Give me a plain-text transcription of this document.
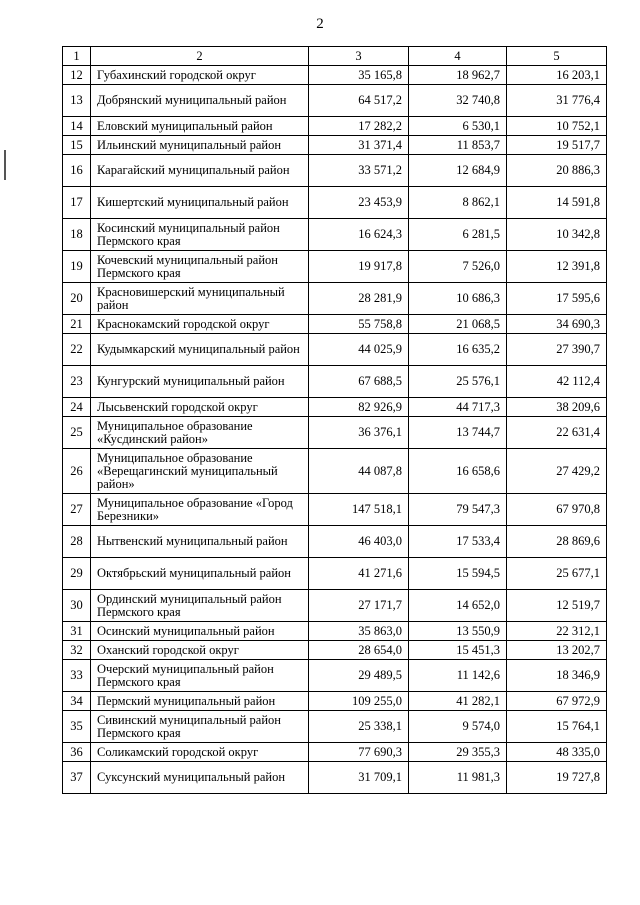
2
1	2	3	4	5
12	Губахинский городской округ	35 165,8	18 962,7	16 203,1
13	Добрянский муниципальный район	64 517,2	32 740,8	31 776,4
14	Еловский муниципальный район	17 282,2	6 530,1	10 752,1
15	Ильинский муниципальный район	31 371,4	11 853,7	19 517,7
16	Карагайский муниципальный район	33 571,2	12 684,9	20 886,3
17	Кишертский муниципальный район	23 453,9	8 862,1	14 591,8
18	Косинский муниципальный район Пермского края	16 624,3	6 281,5	10 342,8
19	Кочевский муниципальный район Пермского края	19 917,8	7 526,0	12 391,8
20	Красновишерский муниципальный район	28 281,9	10 686,3	17 595,6
21	Краснокамский городской округ	55 758,8	21 068,5	34 690,3
22	Кудымкарский муниципальный район	44 025,9	16 635,2	27 390,7
23	Кунгурский муниципальный район	67 688,5	25 576,1	42 112,4
24	Лысьвенский городской округ	82 926,9	44 717,3	38 209,6
25	Муниципальное образование «Кусдинский район»	36 376,1	13 744,7	22 631,4
26	Муниципальное образование «Верещагинский муниципальный район»	44 087,8	16 658,6	27 429,2
27	Муниципальное образование «Город Березники»	147 518,1	79 547,3	67 970,8
28	Нытвенский муниципальный район	46 403,0	17 533,4	28 869,6
29	Октябрьский муниципальный район	41 271,6	15 594,5	25 677,1
30	Ординский муниципальный район Пермского края	27 171,7	14 652,0	12 519,7
31	Осинский муниципальный район	35 863,0	13 550,9	22 312,1
32	Оханский городской округ	28 654,0	15 451,3	13 202,7
33	Очерский муниципальный район Пермского края	29 489,5	11 142,6	18 346,9
34	Пермский муниципальный район	109 255,0	41 282,1	67 972,9
35	Сивинский муниципальный район Пермского края	25 338,1	9 574,0	15 764,1
36	Соликамский городской округ	77 690,3	29 355,3	48 335,0
37	Суксунский муниципальный район	31 709,1	11 981,3	19 727,8
